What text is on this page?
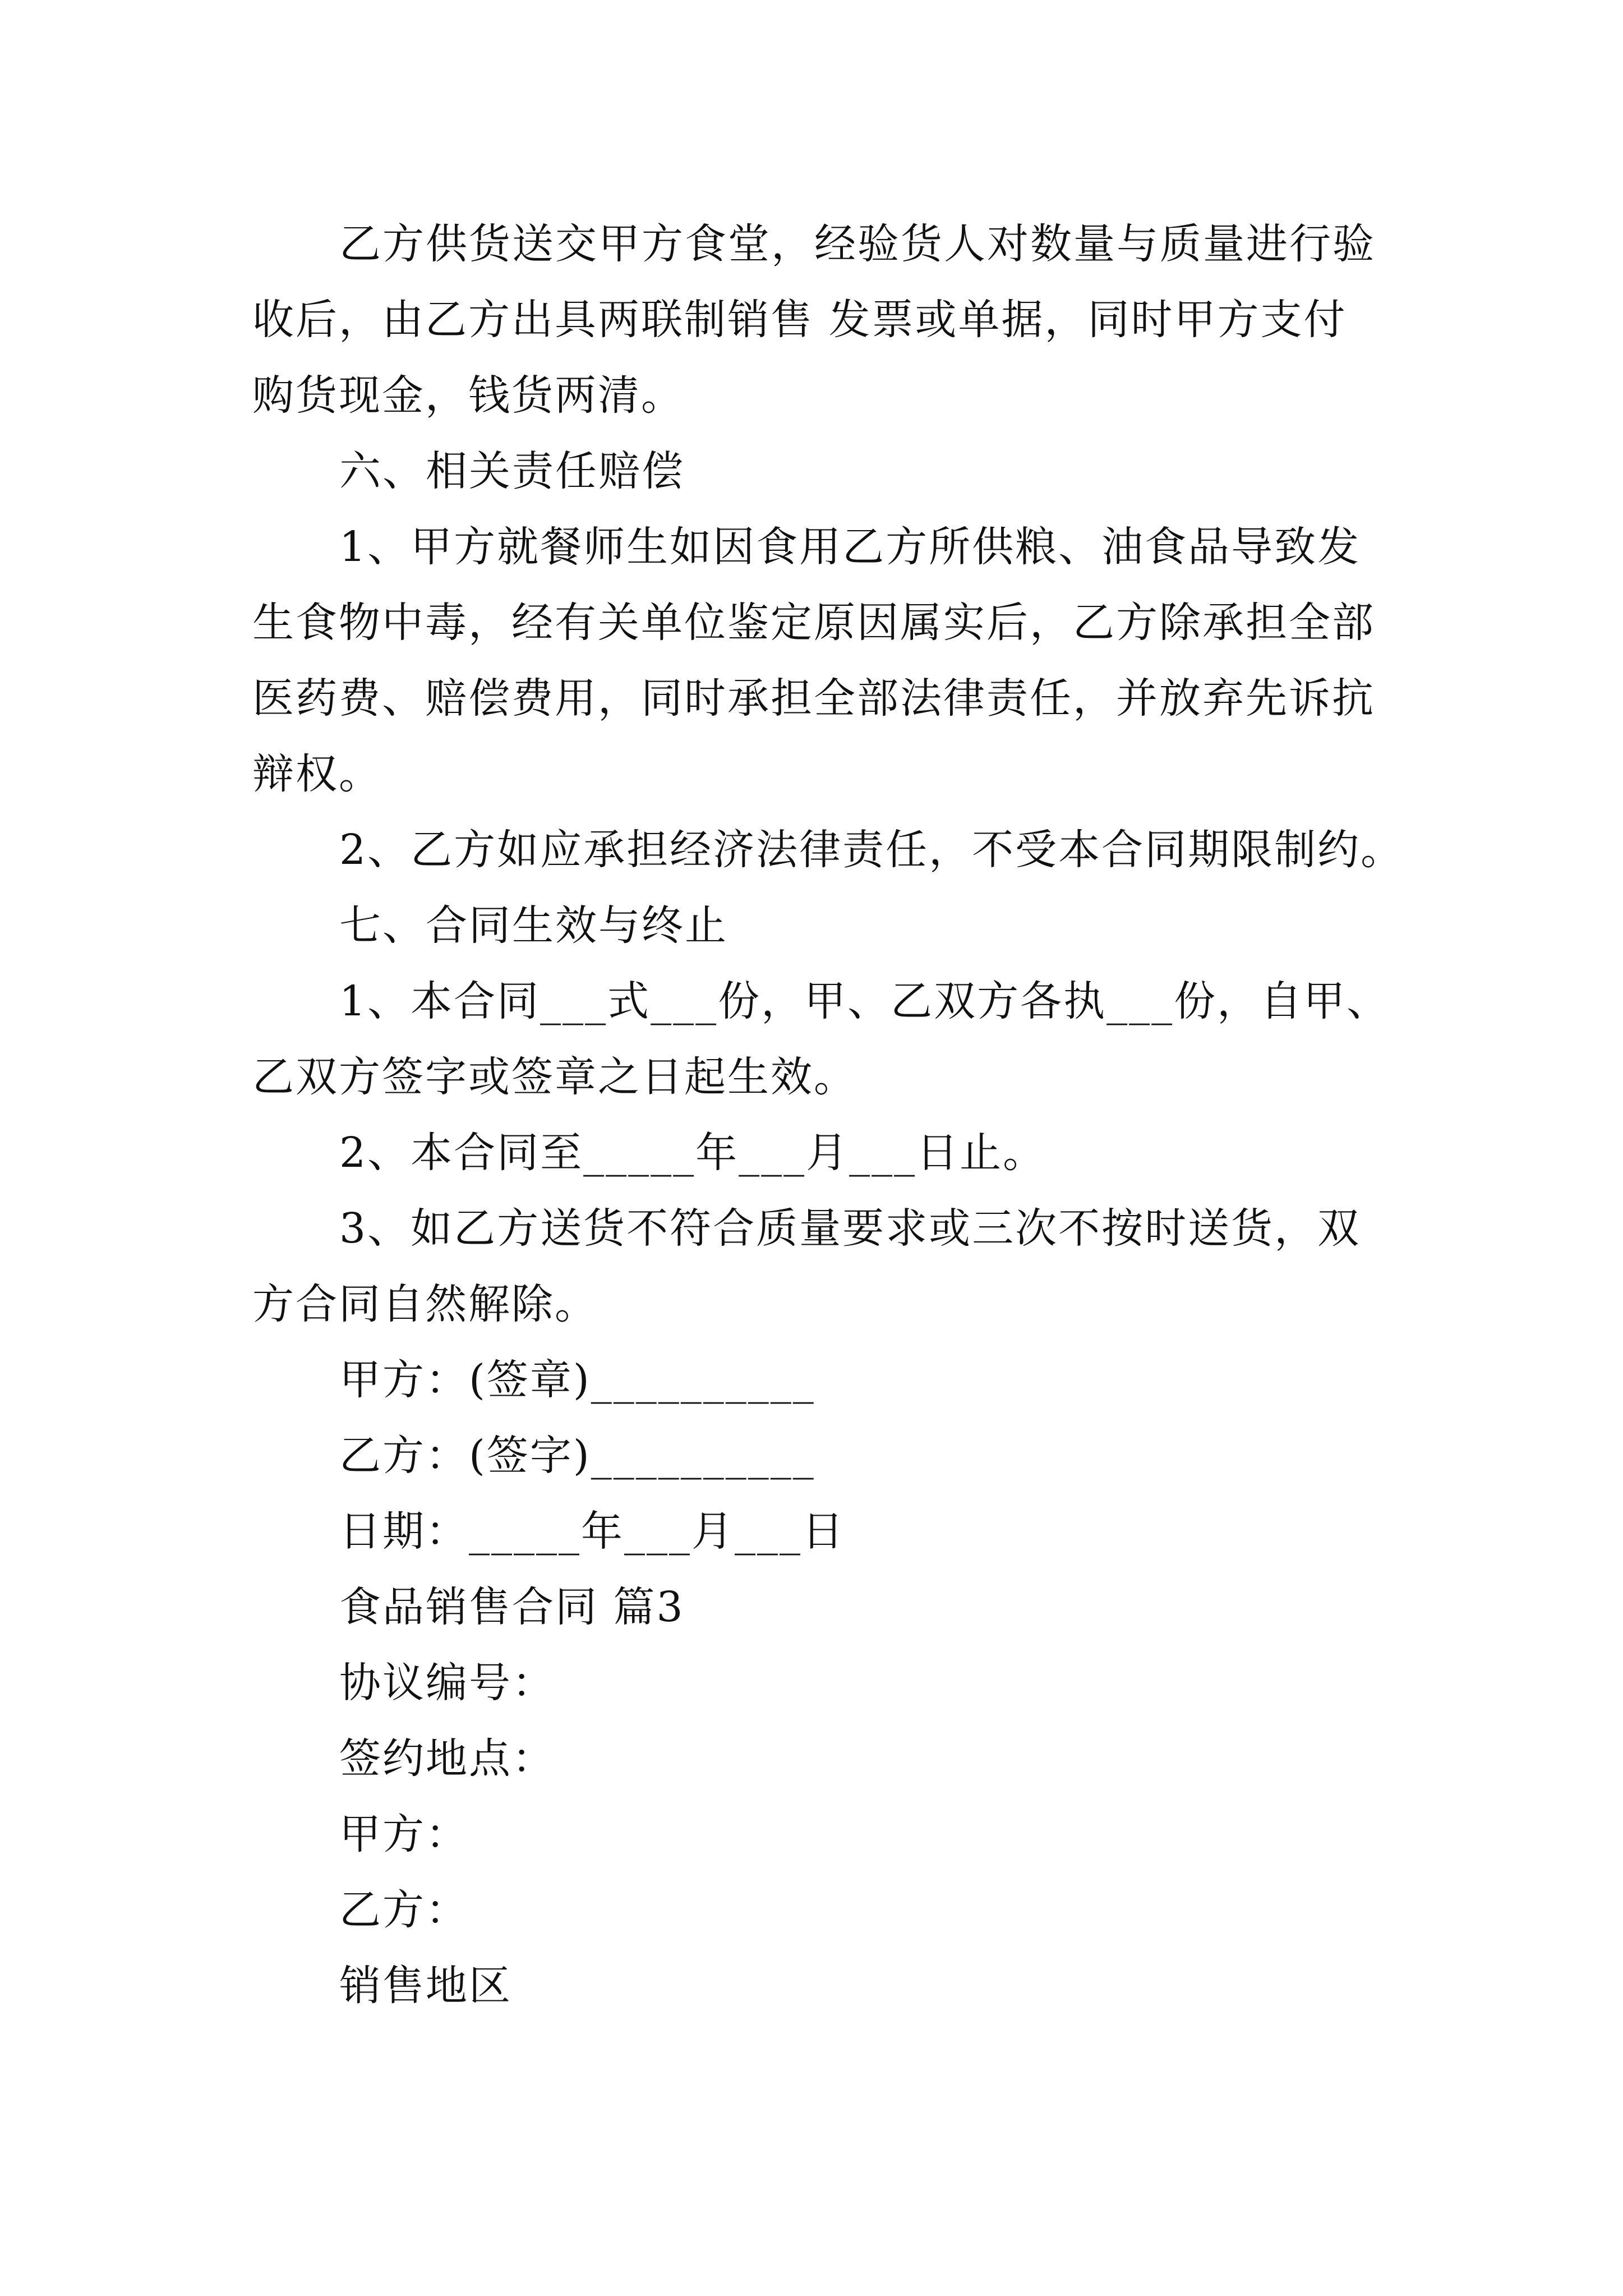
乙方供货送交甲方食堂，经验货人对数量与质量进行验
收后，由乙方出具两联制销售 发票或单据，同时甲方支付
购货现金，钱货两清。
六、相关责任赔偿
1、甲方就餐师生如因食用乙方所供粮、油食品导致发
生食物中毒，经有关单位鉴定原因属实后，乙方除承担全部
医药费、赔偿费用，同时承担全部法律责任，并放弃先诉抗
辩权。
2、乙方如应承担经济法律责任，不受本合同期限制约。
七、合同生效与终止
1、本合同___式___份，甲、乙双方各执___份，自甲、
乙双方签字或签章之日起生效。
2、本合同至_____年___月___日止。
3、如乙方送货不符合质量要求或三次不按时送货，双
方合同自然解除。
甲方：(签章)__________
乙方：(签字)__________
日期：_____年___月___日
食品销售合同 篇3
协议编号：
签约地点：
甲方：
乙方：
销售地区
